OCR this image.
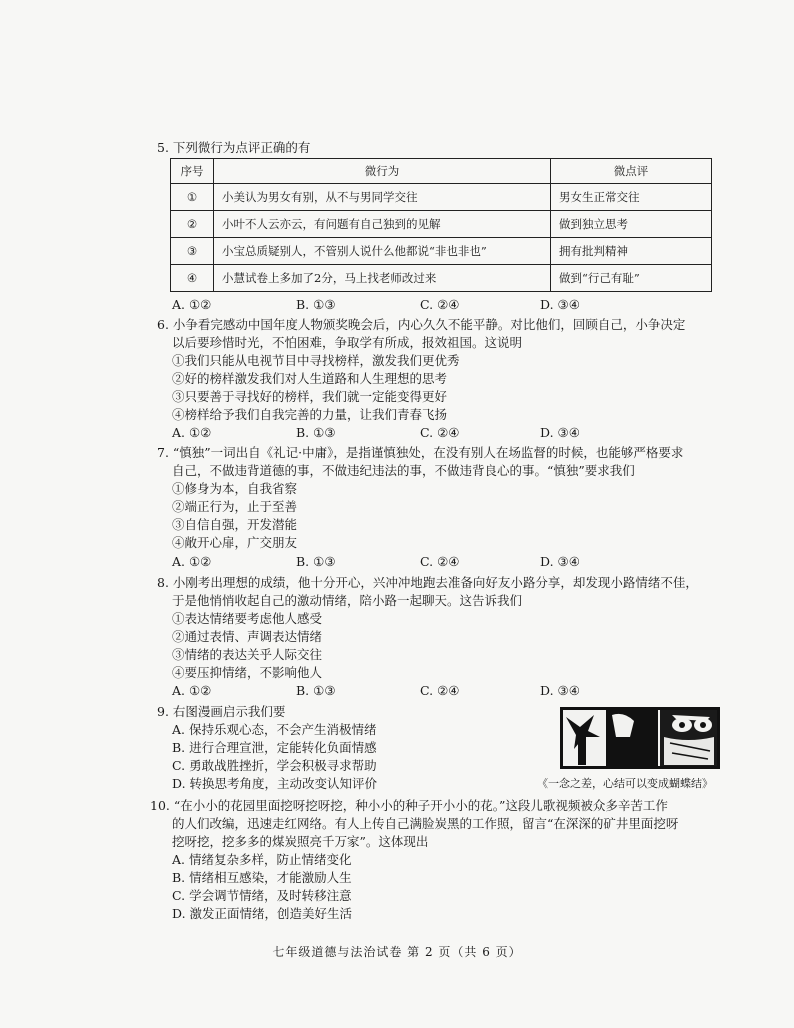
5. 下列微行为点评正确的有
序号	微行为	微点评
①	小美认为男女有别，从不与男同学交往	男女生正常交往
②	小叶不人云亦云，有问题有自己独到的见解	做到独立思考
③	小宝总质疑别人，不管别人说什么他都说“非也非也”	拥有批判精神
④	小慧试卷上多加了2分，马上找老师改过来	做到“行己有耻”
A. ①②	B. ①③	C. ②④	D. ③④
6. 小争看完感动中国年度人物颁奖晚会后，内心久久不能平静。对比他们，回顾自己，小争决定
以后要珍惜时光，不怕困难，争取学有所成，报效祖国。这说明
①我们只能从电视节目中寻找榜样，激发我们更优秀
②好的榜样激发我们对人生道路和人生理想的思考
③只要善于寻找好的榜样，我们就一定能变得更好
④榜样给予我们自我完善的力量，让我们青春飞扬
A. ①②	B. ①③	C. ②④	D. ③④
7. “慎独”一词出自《礼记·中庸》，是指谨慎独处，在没有别人在场监督的时候，也能够严格要求
自己，不做违背道德的事，不做违纪违法的事，不做违背良心的事。“慎独”要求我们
①修身为本，自我省察
②端正行为，止于至善
③自信自强，开发潜能
④敞开心扉，广交朋友
A. ①②	B. ①③	C. ②④	D. ③④
8. 小刚考出理想的成绩，他十分开心，兴冲冲地跑去准备向好友小路分享，却发现小路情绪不佳，
于是他悄悄收起自己的激动情绪，陪小路一起聊天。这告诉我们
①表达情绪要考虑他人感受
②通过表情、声调表达情绪
③情绪的表达关乎人际交往
④要压抑情绪，不影响他人
A. ①②	B. ①③	C. ②④	D. ③④
9. 右图漫画启示我们要
A. 保持乐观心态，不会产生消极情绪
B. 进行合理宣泄，定能转化负面情感
C. 勇敢战胜挫折，学会积极寻求帮助
D. 转换思考角度，主动改变认知评价	《一念之差，心结可以变成蝴蝶结》
10. “在小小的花园里面挖呀挖呀挖，种小小的种子开小小的花。”这段儿歌视频被众多辛苦工作
的人们改编，迅速走红网络。有人上传自己满脸炭黑的工作照，留言“在深深的矿井里面挖呀
挖呀挖，挖多多的煤炭照亮千万家”。这体现出
A. 情绪复杂多样，防止情绪变化
B. 情绪相互感染，才能激励人生
C. 学会调节情绪，及时转移注意
D. 激发正面情绪，创造美好生活
七年级道德与法治试卷 第 2 页（共 6 页）
